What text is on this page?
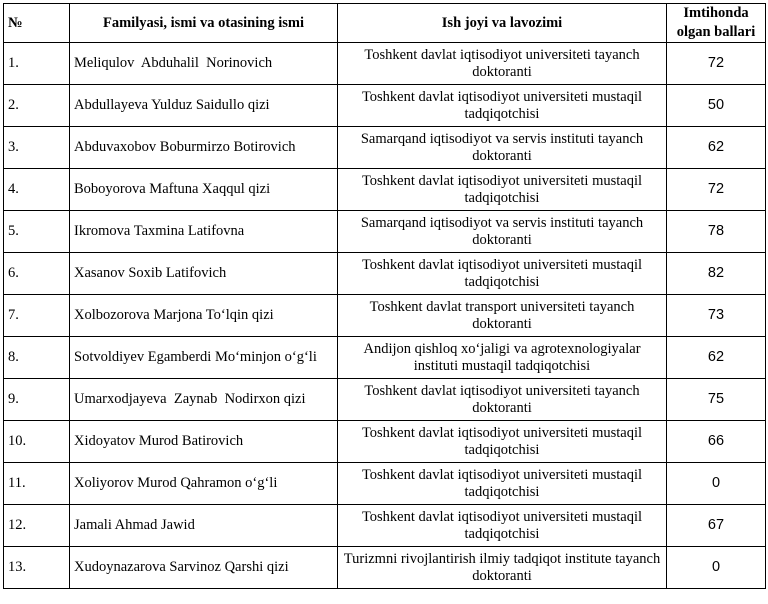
№	Familyasi, ismi va otasining ismi	Ish joyi va lavozimi	Imtihonda olgan ballari

1.	Meliqulov  Abduhalil  Norinovich	Toshkent davlat iqtisodiyot universiteti tayanch doktoranti	72
2.	Abdullayeva Yulduz Saidullo qizi	Toshkent davlat iqtisodiyot universiteti mustaqil tadqiqotchisi	50
3.	Abduvaxobov Boburmirzo Botirovich	Samarqand iqtisodiyot va servis instituti tayanch doktoranti	62
4.	Boboyorova Maftuna Xaqqul qizi	Toshkent davlat iqtisodiyot universiteti mustaqil tadqiqotchisi	72
5.	Ikromova Taxmina Latifovna	Samarqand iqtisodiyot va servis instituti tayanch doktoranti	78
6.	Xasanov Soxib Latifovich	Toshkent davlat iqtisodiyot universiteti mustaqil tadqiqotchisi	82
7.	Xolbozorova Marjona To‘lqin qizi	Toshkent davlat transport universiteti tayanch doktoranti	73
8.	Sotvoldiyev Egamberdi Mo‘minjon o‘g‘li	Andijon qishloq xo‘jaligi va agrotexnologiyalar instituti mustaqil tadqiqotchisi	62
9.	Umarxodjayeva  Zaynab  Nodirxon qizi	Toshkent davlat iqtisodiyot universiteti tayanch doktoranti	75
10.	Xidoyatov Murod Batirovich	Toshkent davlat iqtisodiyot universiteti mustaqil tadqiqotchisi	66
11.	Xoliyorov Murod Qahramon o‘g‘li	Toshkent davlat iqtisodiyot universiteti mustaqil tadqiqotchisi	0
12.	Jamali Ahmad Jawid	Toshkent davlat iqtisodiyot universiteti mustaqil tadqiqotchisi	67
13.	Xudoynazarova Sarvinoz Qarshi qizi	Turizmni rivojlantirish ilmiy tadqiqot institute tayanch doktoranti	0
